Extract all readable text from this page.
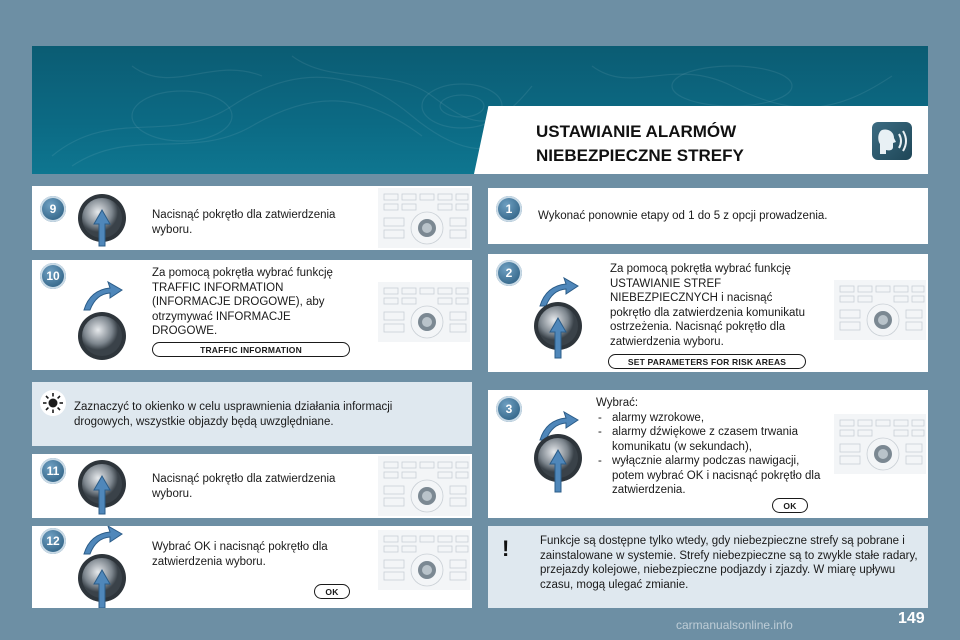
USTAWIANIE ALARMÓW NIEBEZPIECZNE STREFY
9	Nacisnąć pokrętło dla zatwierdzenia wyboru.
10	Za pomocą pokrętła wybrać funkcję TRAFFIC INFORMATION (INFORMACJE DROGOWE), aby otrzymywać INFORMACJE DROGOWE.
TRAFFIC INFORMATION
Zaznaczyć to okienko w celu usprawnienia działania informacji drogowych, wszystkie objazdy będą uwzględniane.
11
Nacisnąć pokrętło dla zatwierdzenia wyboru.
12	Wybrać OK i nacisnąć pokrętło dla zatwierdzenia wyboru.
OK
1	Wykonać ponownie etapy od 1 do 5 z opcji prowadzenia.
2	Za pomocą pokrętła wybrać funkcję USTAWIANIE STREF NIEBEZPIECZNYCH i nacisnąć pokrętło dla zatwierdzenia komunikatu ostrzeżenia. Nacisnąć pokrętło dla zatwierdzenia wyboru.
SET PARAMETERS FOR RISK AREAS
3	Wybrać:
- alarmy wzrokowe,
- alarmy dźwiękowe z czasem trwania komunikatu (w sekundach),
- wyłącznie alarmy podczas nawigacji, potem wybrać OK i nacisnąć pokrętło dla zatwierdzenia.
OK
!	Funkcje są dostępne tylko wtedy, gdy niebezpieczne strefy są pobrane i zainstalowane w systemie. Strefy niebezpieczne są to zwykle stałe radary, przejazdy kolejowe, niebezpieczne podjazdy i zjazdy. W miarę upływu czasu, mogą ulegać zmianie.
carmanualsonline.info	149
